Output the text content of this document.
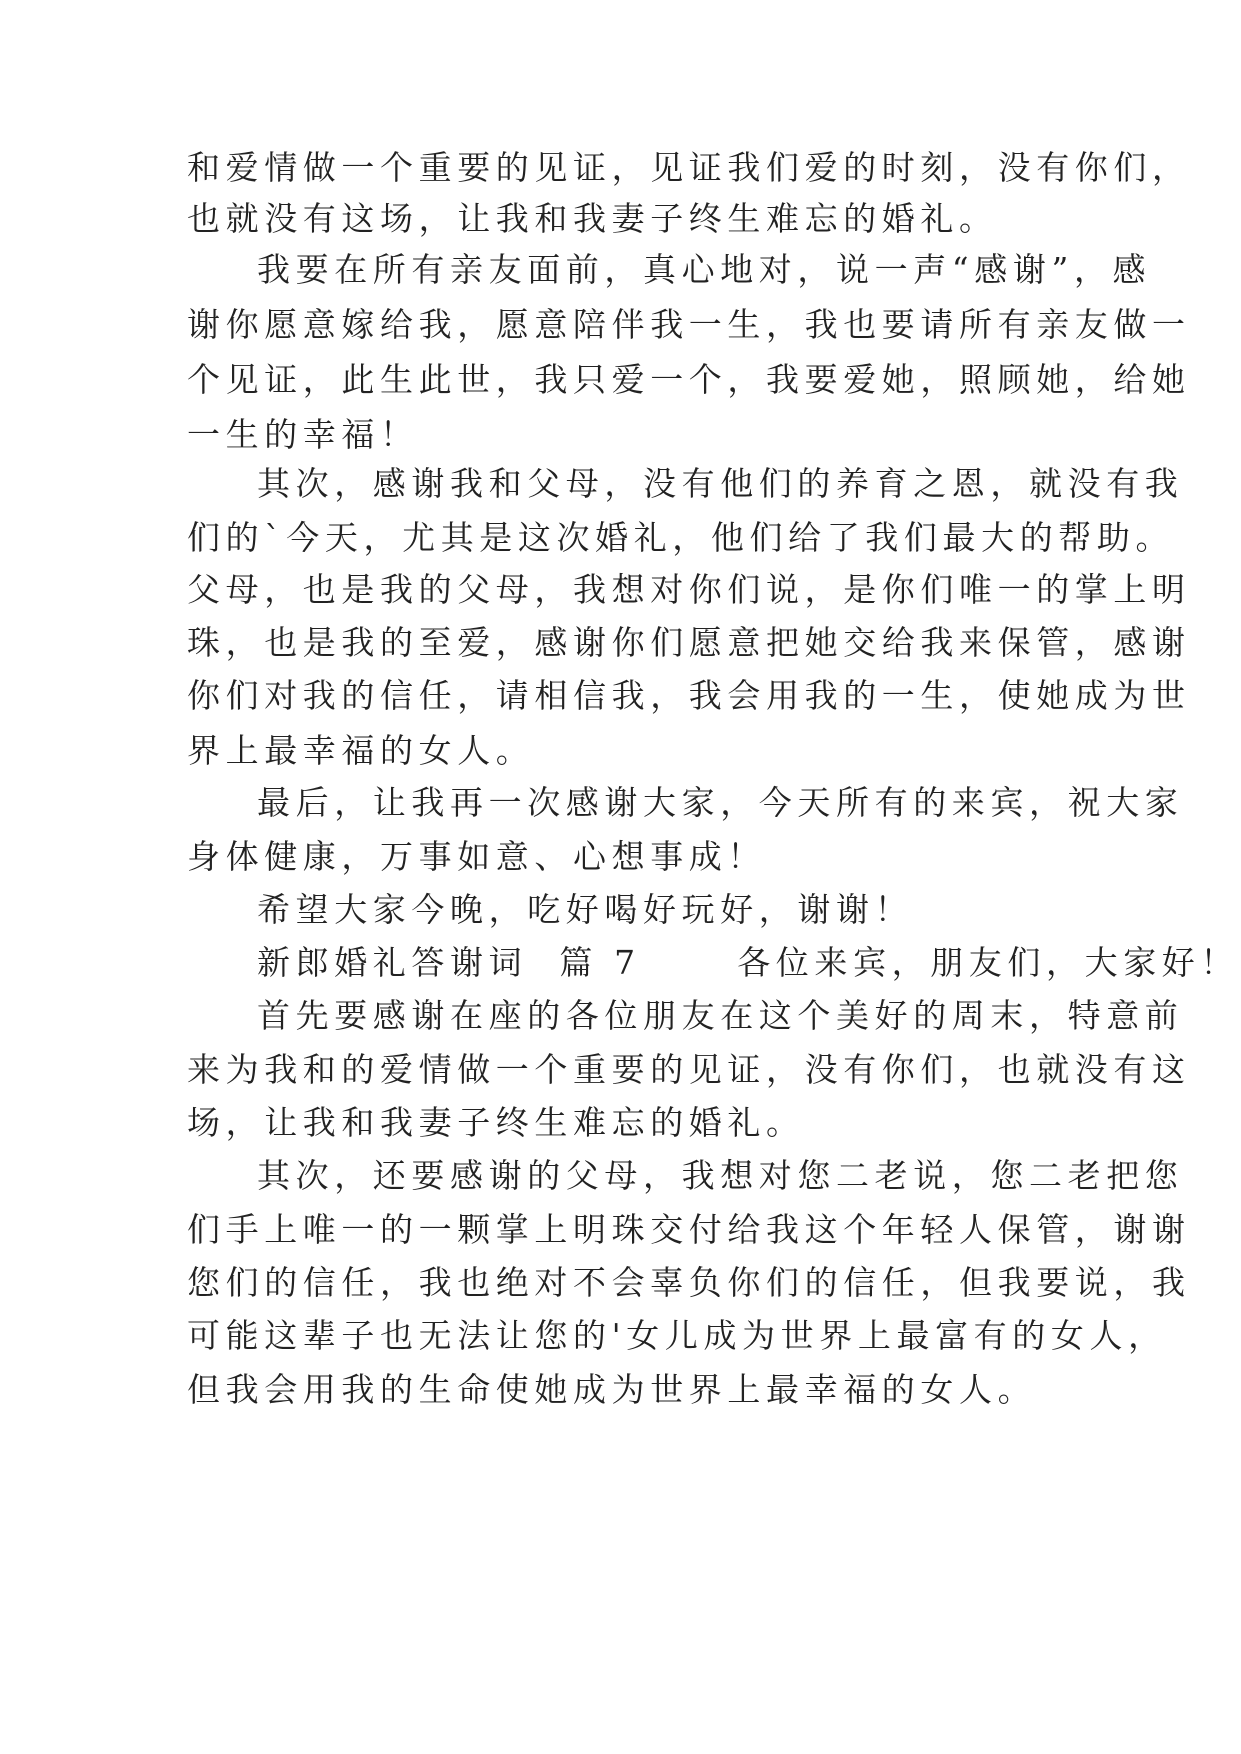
和爱情做一个重要的见证，见证我们爱的时刻，没有你们，
也就没有这场，让我和我妻子终生难忘的婚礼。
我要在所有亲友面前，真心地对，说一声“感谢”，感
谢你愿意嫁给我，愿意陪伴我一生，我也要请所有亲友做一
个见证，此生此世，我只爱一个，我要爱她，照顾她，给她
一生的幸福！
其次，感谢我和父母，没有他们的养育之恩，就没有我
们的`今天，尤其是这次婚礼，他们给了我们最大的帮助。
父母，也是我的父母，我想对你们说，是你们唯一的掌上明
珠，也是我的至爱，感谢你们愿意把她交给我来保管，感谢
你们对我的信任，请相信我，我会用我的一生，使她成为世
界上最幸福的女人。
最后，让我再一次感谢大家，今天所有的来宾，祝大家
身体健康，万事如意、心想事成！
希望大家今晚，吃好喝好玩好，谢谢！
新郎婚礼答谢词  篇 7      各位来宾，朋友们，大家好！
首先要感谢在座的各位朋友在这个美好的周末，特意前
来为我和的爱情做一个重要的见证，没有你们，也就没有这
场，让我和我妻子终生难忘的婚礼。
其次，还要感谢的父母，我想对您二老说，您二老把您
们手上唯一的一颗掌上明珠交付给我这个年轻人保管，谢谢
您们的信任，我也绝对不会辜负你们的信任，但我要说，我
可能这辈子也无法让您的'女儿成为世界上最富有的女人，
但我会用我的生命使她成为世界上最幸福的女人。
